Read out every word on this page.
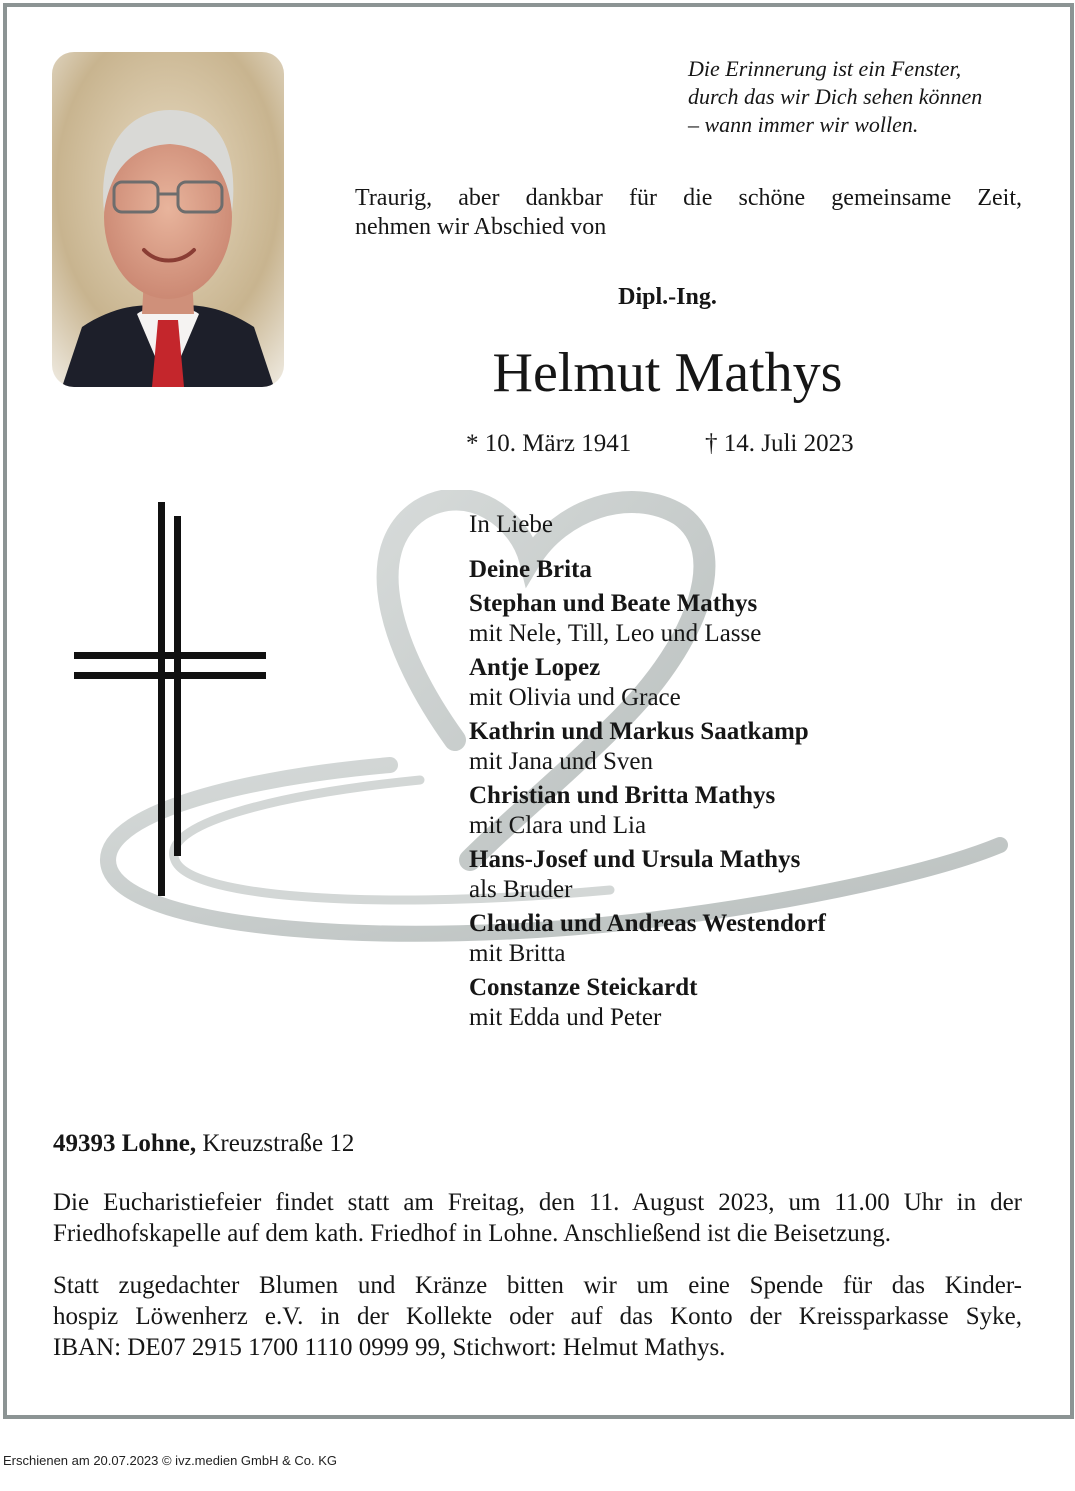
Die Erinnerung ist ein Fenster,
durch das wir Dich sehen können
– wann immer wir wollen.
Traurig, aber dankbar für die schöne gemeinsame Zeit,
nehmen wir Abschied von
Dipl.-Ing.
Helmut Mathys
* 10. März 1941	† 14. Juli 2023
In Liebe
Deine Brita
Stephan und Beate Mathys
mit Nele, Till, Leo und Lasse
Antje Lopez
mit Olivia und Grace
Kathrin und Markus Saatkamp
mit Jana und Sven
Christian und Britta Mathys
mit Clara und Lia
Hans-Josef und Ursula Mathys
als Bruder
Claudia und Andreas Westendorf
mit Britta
Constanze Steickardt
mit Edda und Peter
49393 Lohne, Kreuzstraße 12
Die Eucharistiefeier findet statt am Freitag, den 11. August 2023, um 11.00 Uhr in der
Friedhofskapelle auf dem kath. Friedhof in Lohne. Anschließend ist die Beisetzung.
Statt zugedachter Blumen und Kränze bitten wir um eine Spende für das Kinder-
hospiz Löwenherz e.V. in der Kollekte oder auf das Konto der Kreissparkasse Syke,
IBAN: DE07 2915 1700 1110 0999 99, Stichwort: Helmut Mathys.
Erschienen am 20.07.2023 © ivz.medien GmbH & Co. KG
